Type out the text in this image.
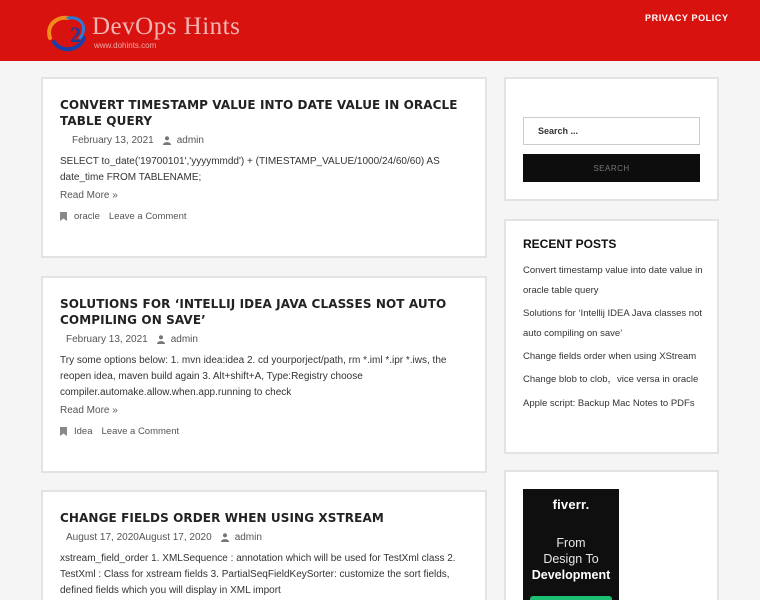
2 DevOps Hints
www.dohints.com
PRIVACY POLICY
CONVERT TIMESTAMP VALUE INTO DATE VALUE IN ORACLE TABLE QUERY
February 13, 2021 admin
SELECT to_date('19700101','yyyymmdd') + (TIMESTAMP_VALUE/1000/24/60/60) AS date_time FROM TABLENAME;
Read More »
oracle Leave a Comment
SOLUTIONS FOR ‘INTELLIJ IDEA JAVA CLASSES NOT AUTO COMPILING ON SAVE’
February 13, 2021 admin
Try some options below: 1. mvn idea:idea 2. cd yourporject/path, rm *.iml *.ipr *.iws, the reopen idea, maven build again 3. Alt+shift+A, Type:Registry choose compiler.automake.allow.when.app.running to check
Read More »
Idea Leave a Comment
CHANGE FIELDS ORDER WHEN USING XSTREAM
August 17, 2020August 17, 2020 admin
xstream_field_order 1. XMLSequence : annotation which will be used for TestXml class 2. TestXml : Class for xstream fields 3. PartialSeqFieldKeySorter: customize the sort fields, defined fields which you will display in XML import
Search ...
SEARCH
RECENT POSTS
Convert timestamp value into date value in oracle table query
Solutions for ‘Intellij IDEA Java classes not auto compiling on save’
Change fields order when using XStream
Change blob to clob，vice versa in oracle
Apple script: Backup Mac Notes to PDFs
fiverr.
From
Design To
Development
